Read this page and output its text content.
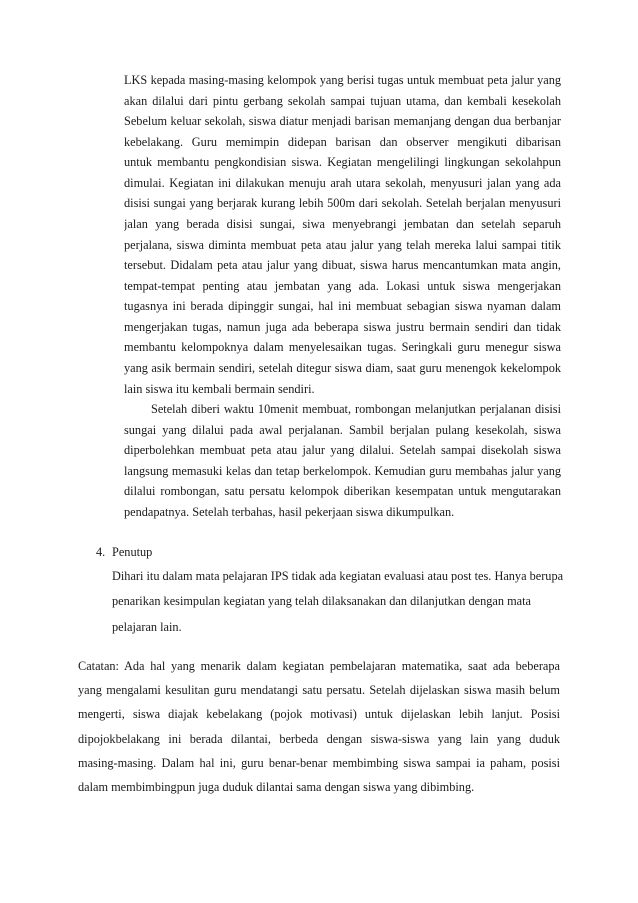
LKS kepada masing-masing kelompok yang berisi tugas untuk membuat peta jalur yang
akan dilalui dari pintu gerbang sekolah sampai tujuan utama, dan kembali kesekolah
Sebelum keluar sekolah, siswa diatur menjadi barisan memanjang dengan dua berbanjar
kebelakang. Guru memimpin didepan barisan dan observer mengikuti dibarisan
untuk membantu pengkondisian siswa. Kegiatan mengelilingi lingkungan sekolahpun
dimulai. Kegiatan ini dilakukan menuju arah utara sekolah, menyusuri jalan yang ada
disisi sungai yang berjarak kurang lebih 500m dari sekolah. Setelah berjalan menyusuri
jalan yang berada disisi sungai, siwa menyebrangi jembatan dan setelah separuh
perjalana, siswa diminta membuat peta atau jalur yang telah mereka lalui sampai titik
tersebut. Didalam peta atau jalur yang dibuat, siswa harus mencantumkan mata angin,
tempat-tempat penting atau jembatan yang ada. Lokasi untuk siswa mengerjakan
tugasnya ini berada dipinggir sungai, hal ini membuat sebagian siswa nyaman dalam
mengerjakan tugas, namun juga ada beberapa siswa justru bermain sendiri dan tidak
membantu kelompoknya dalam menyelesaikan tugas. Seringkali guru menegur siswa
yang asik bermain sendiri, setelah ditegur siswa diam, saat guru menengok kekelompok
lain siswa itu kembali bermain sendiri.
Setelah diberi waktu 10menit membuat, rombongan melanjutkan perjalanan disisi
sungai yang dilalui pada awal perjalanan. Sambil berjalan pulang kesekolah, siswa
diperbolehkan membuat peta atau jalur yang dilalui. Setelah sampai disekolah siswa
langsung memasuki kelas dan tetap berkelompok. Kemudian guru membahas jalur yang
dilalui rombongan, satu persatu kelompok diberikan kesempatan untuk mengutarakan
pendapatnya. Setelah terbahas, hasil pekerjaan siswa dikumpulkan.
4. Penutup
Dihari itu dalam mata pelajaran IPS tidak ada kegiatan evaluasi atau post tes. Hanya berupa
penarikan kesimpulan kegiatan yang telah dilaksanakan dan dilanjutkan dengan mata
pelajaran lain.
Catatan: Ada hal yang menarik dalam kegiatan pembelajaran matematika, saat ada beberapa
yang mengalami kesulitan guru mendatangi satu persatu. Setelah dijelaskan siswa masih belum
mengerti, siswa diajak kebelakang (pojok motivasi) untuk dijelaskan lebih lanjut. Posisi
dipojokbelakang ini berada dilantai, berbeda dengan siswa-siswa yang lain yang duduk
masing-masing. Dalam hal ini, guru benar-benar membimbing siswa sampai ia paham, posisi
dalam membimbingpun juga duduk dilantai sama dengan siswa yang dibimbing.
